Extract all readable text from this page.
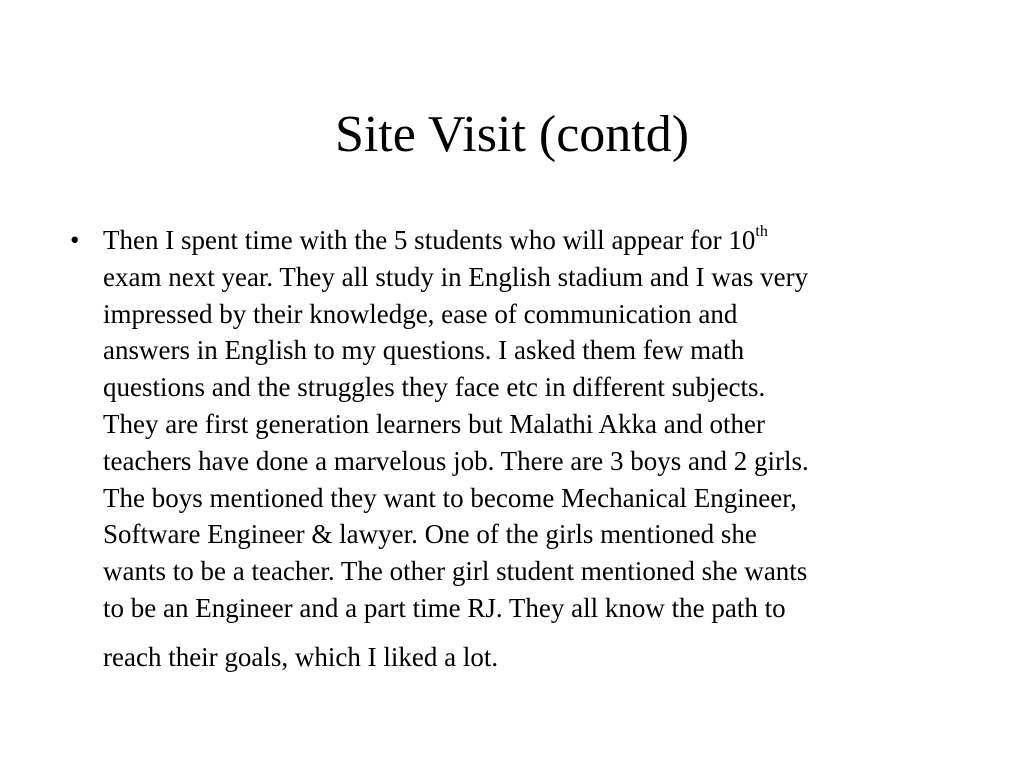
Site Visit (contd)
• Then I spent time with the 5 students who will appear for 10th
exam next year. They all study in English stadium and I was very
impressed by their knowledge, ease of communication and
answers in English to my questions. I asked them few math
questions and the struggles they face etc in different subjects.
They are first generation learners but Malathi Akka and other
teachers have done a marvelous job. There are 3 boys and 2 girls.
The boys mentioned they want to become Mechanical Engineer,
Software Engineer & lawyer. One of the girls mentioned she
wants to be a teacher. The other girl student mentioned she wants
to be an Engineer and a part time RJ. They all know the path to
reach their goals, which I liked a lot.
